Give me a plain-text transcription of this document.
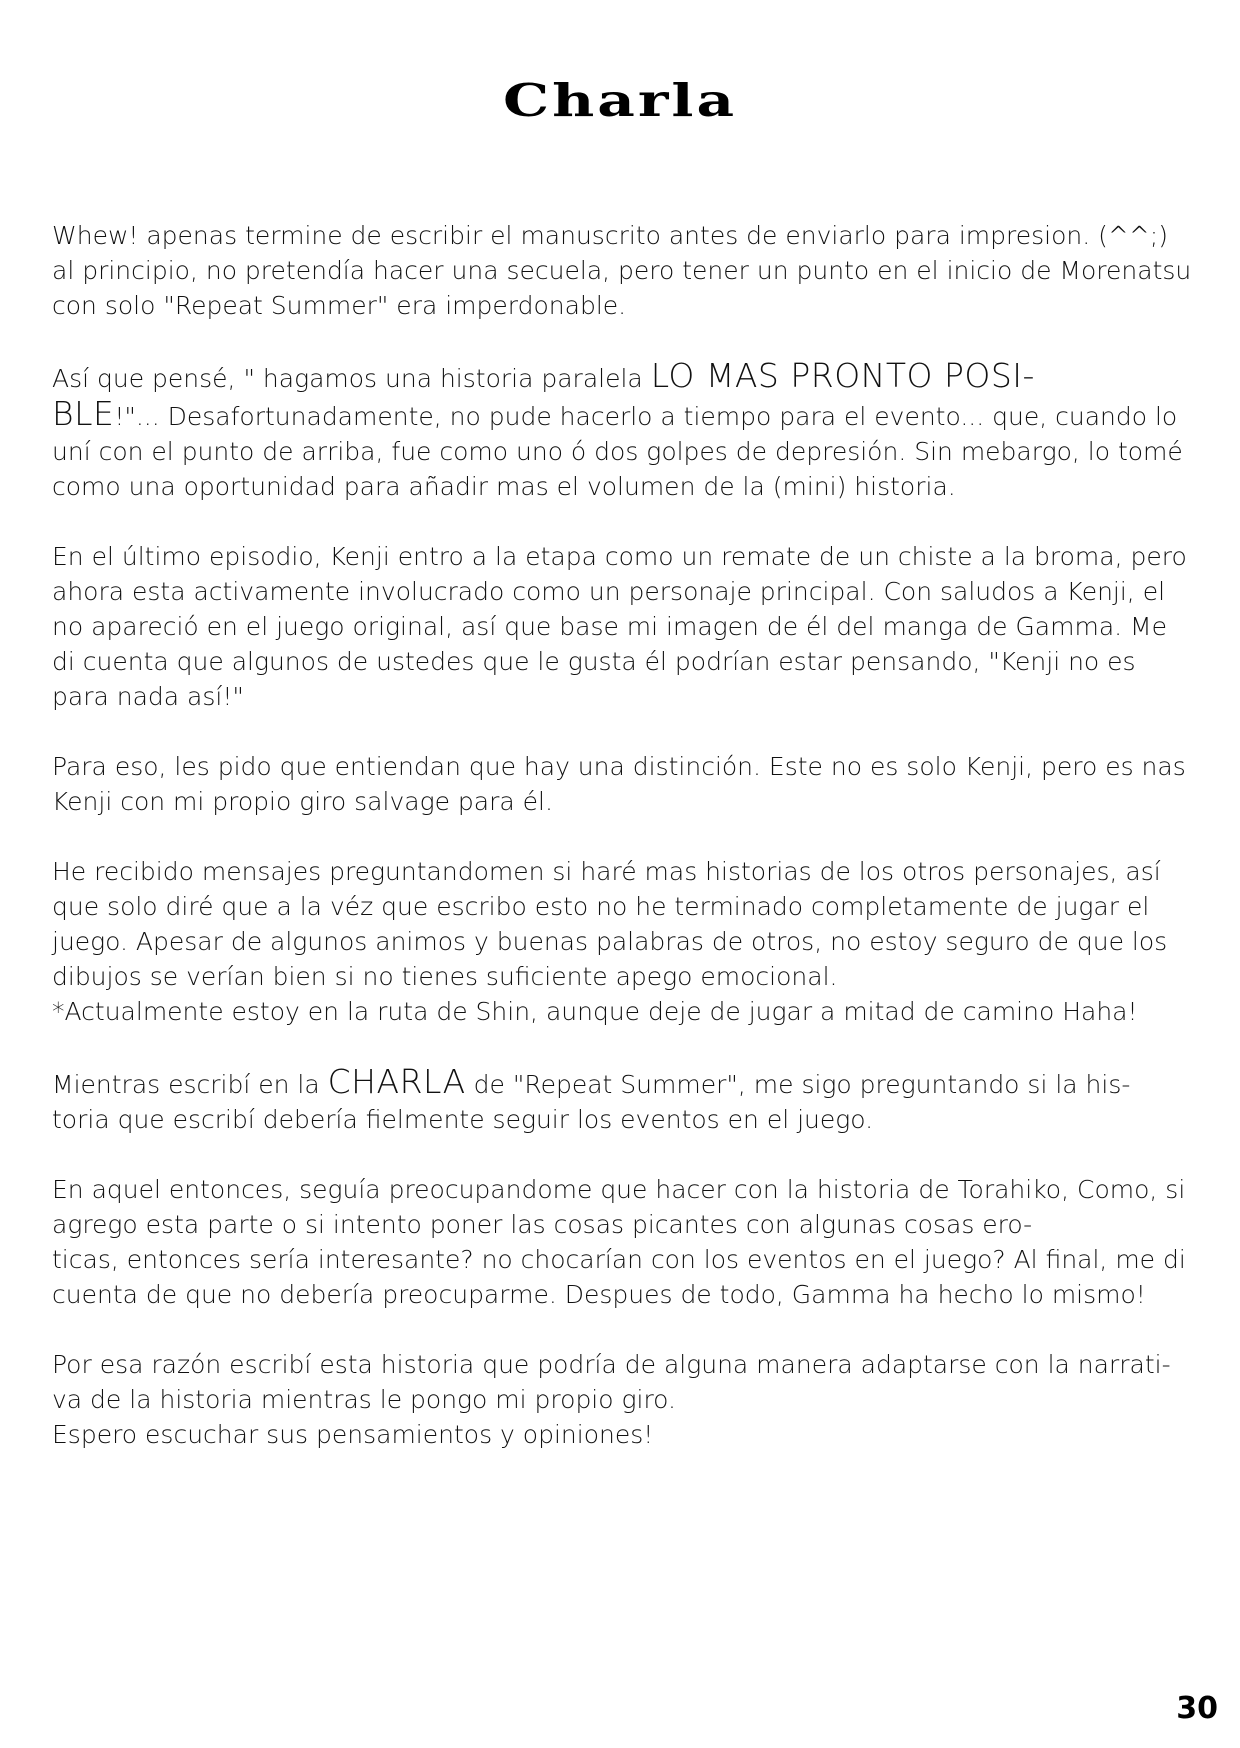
Charla

Whew! apenas termine de escribir el manuscrito antes de enviarlo para impresion. (^^;) al principio, no pretendía hacer una secuela, pero tener un punto en el inicio de Morenatsu con solo "Repeat Summer" era imperdonable.

Así que pensé, " hagamos una historia paralela LO MAS PRONTO POSI-
BLE!"... Desafortunadamente, no pude hacerlo a tiempo para el evento... que, cuando lo uní con el punto de arriba, fue como uno ó dos golpes de depresión. Sin mebargo, lo tomé como una oportunidad para añadir mas el volumen de la (mini) historia.

En el último episodio, Kenji entro a la etapa como un remate de un chiste a la broma, pero ahora esta activamente involucrado como un personaje principal. Con saludos a Kenji, el no apareció en el juego original, así que base mi imagen de él del manga de Gamma. Me di cuenta que algunos de ustedes que le gusta él podrían estar pensando, "Kenji no es para nada así!"

Para eso, les pido que entiendan que hay una distinción. Este no es solo Kenji, pero es nas Kenji con mi propio giro salvage para él.

He recibido mensajes preguntandomen si haré mas historias de los otros personajes, así que solo diré que a la véz que escribo esto no he terminado completamente de jugar el juego. Apesar de algunos animos y buenas palabras de otros, no estoy seguro de que los dibujos se verían bien si no tienes suficiente apego emocional.
*Actualmente estoy en la ruta de Shin, aunque deje de jugar a mitad de camino Haha!

Mientras escribí en la CHARLA de "Repeat Summer", me sigo preguntando si la his-
toria que escribí debería fielmente seguir los eventos en el juego.

En aquel entonces, seguía preocupandome que hacer con la historia de Torahiko, Como, si agrego esta parte o si intento poner las cosas picantes con algunas cosas ero-
ticas, entonces sería interesante? no chocarían con los eventos en el juego? Al final, me di cuenta de que no debería preocuparme. Despues de todo, Gamma ha hecho lo mismo!

Por esa razón escribí esta historia que podría de alguna manera adaptarse con la narrati-
va de la historia mientras le pongo mi propio giro.
Espero escuchar sus pensamientos y opiniones!

30
